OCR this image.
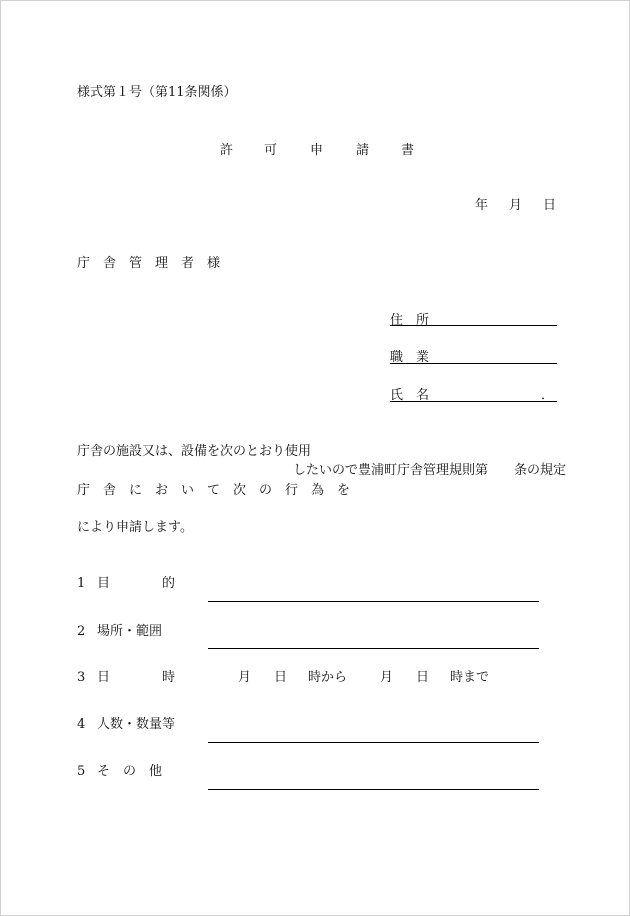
様式第１号（第11条関係）
許 可	申	請 書
年 月 日
庁　舎　管　理　者　様
住　所
職　業
氏　名	．
庁舎の施設又は、設備を次のとおり使用
したいので豊浦町庁舎管理規則第　　条の規定
庁　舎　に　お　い　て　次　の　行　為　を
により申請します。
1 目　　　　的
2 場所・範囲
3 日　　　　時	月 日 時から	月 日 時まで
4 人数・数量等
5 そ　の　他
